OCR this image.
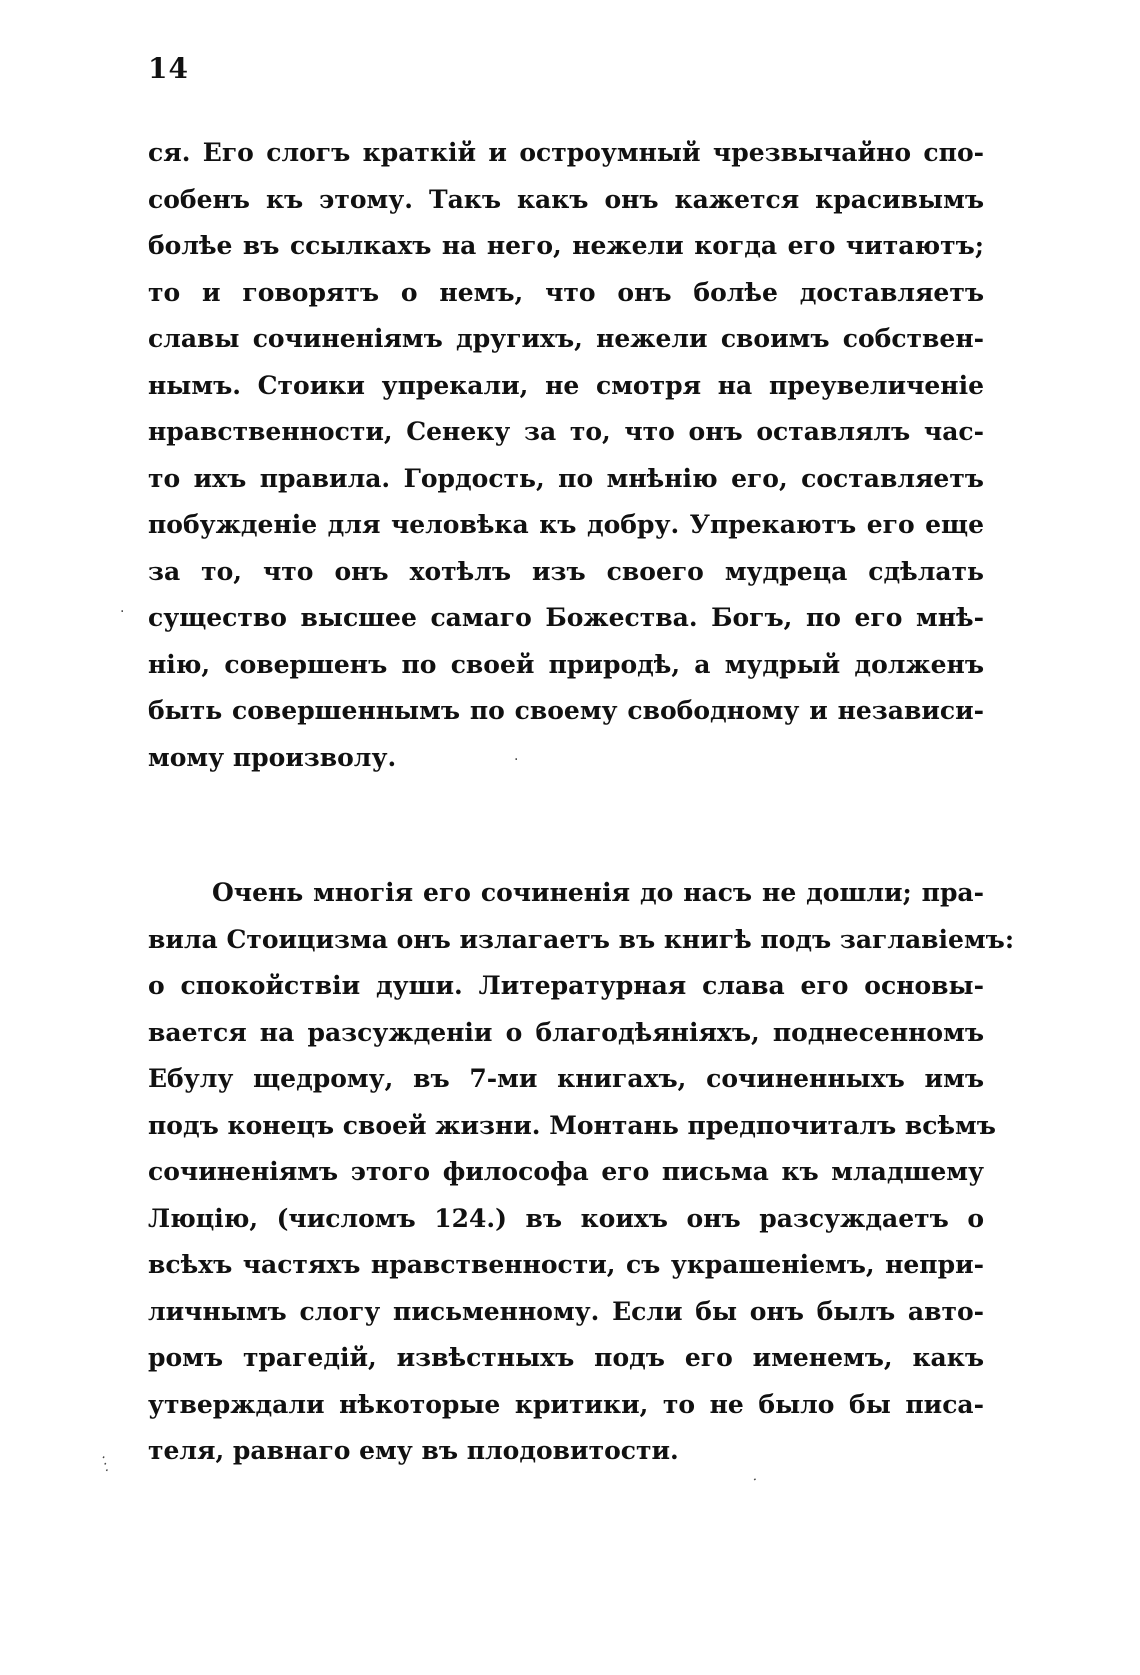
14
ся. Его слогъ краткій и остроумный чрезвычайно спо-
собенъ къ этому. Такъ какъ онъ кажется красивымъ
болѣе въ ссылкахъ на него, нежели когда его читаютъ;
то и говорятъ о немъ, что онъ болѣе доставляетъ
славы сочиненіямъ другихъ, нежели своимъ собствен-
нымъ. Стоики упрекали, не смотря на преувеличеніе
нравственности, Сенеку за то, что онъ оставлялъ час-
то ихъ правила. Гордость, по мнѣнію его, составляетъ
побужденіе для человѣка къ добру. Упрекаютъ его еще
за то, что онъ хотѣлъ изъ своего мудреца сдѣлать
существо высшее самаго Божества. Богъ, по его мнѣ-
нію, совершенъ по своей природѣ, а мудрый долженъ
быть совершеннымъ по своему свободному и независи-
мому произволу.
Очень многія его сочиненія до насъ не дошли; пра-
вила Стоицизма онъ излагаетъ въ книгѣ подъ заглавіемъ:
о спокойствіи души. Литературная слава его основы-
вается на разсужденіи о благодѣяніяхъ, поднесенномъ
Ебулу щедрому, въ 7-ми книгахъ, сочиненныхъ имъ
подъ конецъ своей жизни. Монтань предпочиталъ всѣмъ
сочиненіямъ этого философа его письма къ младшему
Люцію, (числомъ 124.) въ коихъ онъ разсуждаетъ о
всѣхъ частяхъ нравственности, съ украшеніемъ, непри-
личнымъ слогу письменному. Если бы онъ былъ авто-
ромъ трагедій, извѣстныхъ подъ его именемъ, какъ
утверждали нѣкоторые критики, то не было бы писа-
теля, равнаго ему въ плодовитости.
·
·
⋱
·
